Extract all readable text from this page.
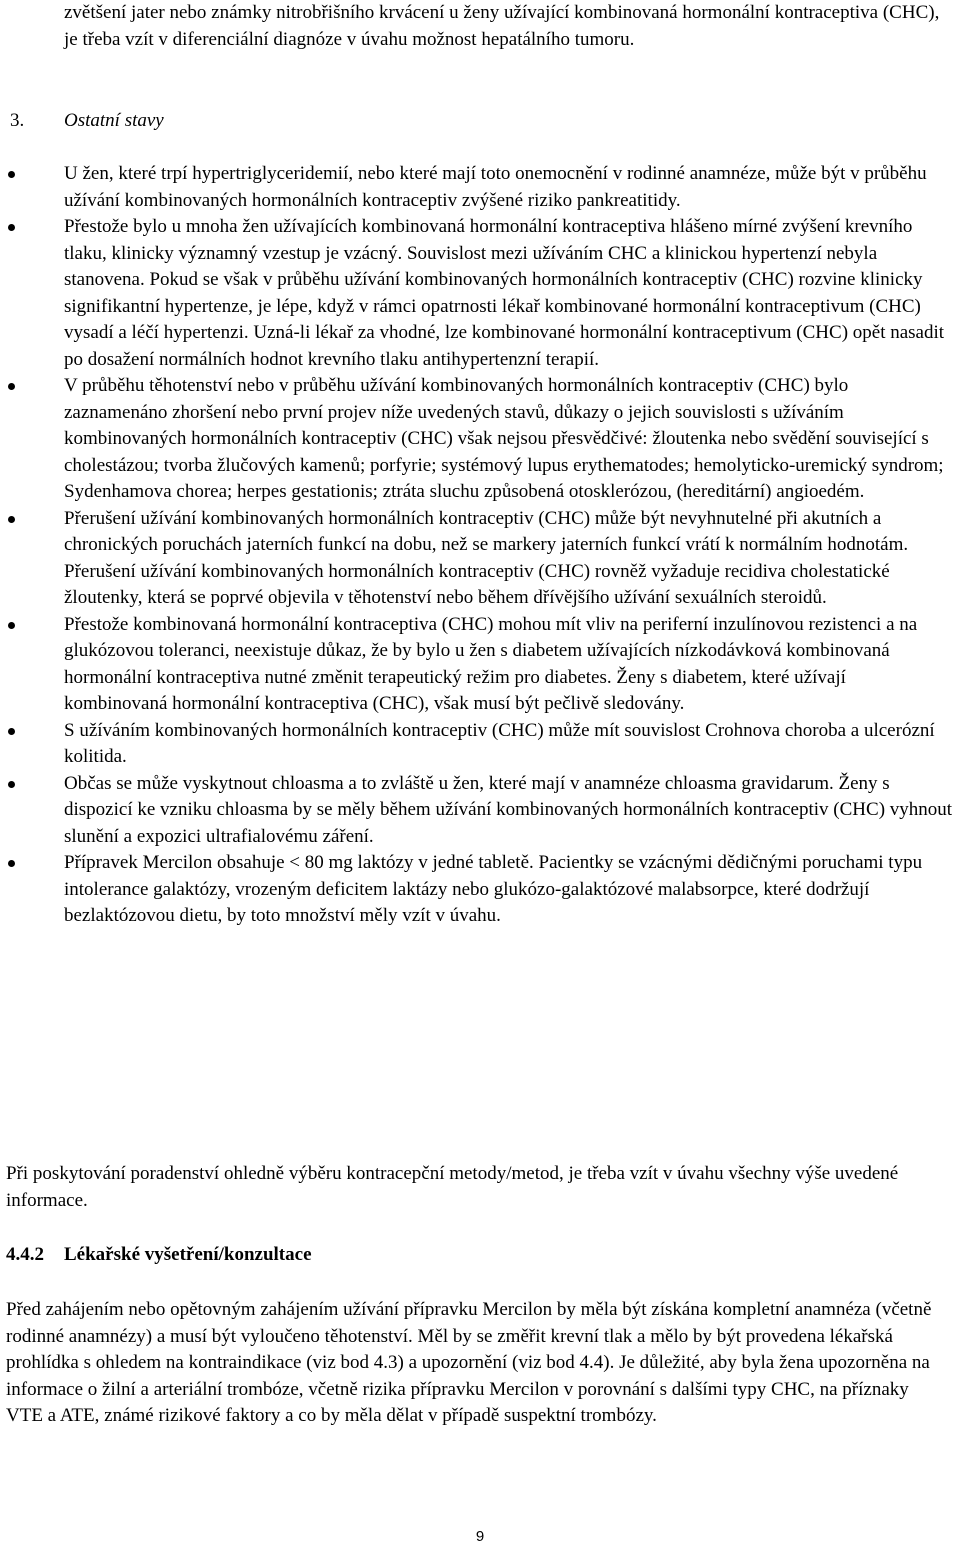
zvětšení jater nebo známky nitrobřišního krvácení u ženy užívající kombinovaná hormonální kontraceptiva (CHC), je třeba vzít v diferenciální diagnóze v úvahu možnost hepatálního tumoru.
3. Ostatní stavy
U žen, které trpí hypertriglyceridemií, nebo které mají toto onemocnění v rodinné anamnéze, může být v průběhu užívání kombinovaných hormonálních kontraceptiv zvýšené riziko pankreatitidy.
Přestože bylo u mnoha žen užívajících kombinovaná hormonální kontraceptiva hlášeno mírné zvýšení krevního tlaku, klinicky významný vzestup je vzácný. Souvislost mezi užíváním CHC a klinickou hypertenzí nebyla stanovena. Pokud se však v průběhu užívání kombinovaných hormonálních kontraceptiv (CHC) rozvine klinicky signifikantní hypertenze, je lépe, když v rámci opatrnosti lékař kombinované hormonální kontraceptivum (CHC) vysadí a léčí hypertenzi. Uzná-li lékař za vhodné, lze kombinované hormonální kontraceptivum (CHC) opět nasadit po dosažení normálních hodnot krevního tlaku antihypertenzní terapií.
V průběhu těhotenství nebo v průběhu užívání kombinovaných hormonálních kontraceptiv (CHC) bylo zaznamenáno zhoršení nebo první projev níže uvedených stavů, důkazy o jejich souvislosti s užíváním kombinovaných hormonálních kontraceptiv (CHC) však nejsou přesvědčivé: žloutenka nebo svědění související s cholestázou; tvorba žlučových kamenů; porfyrie; systémový lupus erythematodes; hemolyticko-uremický syndrom; Sydenhamova chorea; herpes gestationis; ztráta sluchu způsobená otosklerózou, (hereditární) angioedém.
Přerušení užívání kombinovaných hormonálních kontraceptiv (CHC) může být nevyhnutelné při akutních a chronických poruchách jaterních funkcí na dobu, než se markery jaterních funkcí vrátí k normálním hodnotám. Přerušení užívání kombinovaných hormonálních kontraceptiv (CHC) rovněž vyžaduje recidiva cholestatické žloutenky, která se poprvé objevila v těhotenství nebo během dřívějšího užívání sexuálních steroidů.
Přestože kombinovaná hormonální kontraceptiva (CHC) mohou mít vliv na periferní inzulínovou rezistenci a na glukózovou toleranci, neexistuje důkaz, že by bylo u žen s diabetem užívajících nízkodávková kombinovaná hormonální kontraceptiva nutné změnit terapeutický režim pro diabetes. Ženy s diabetem, které užívají kombinovaná hormonální kontraceptiva (CHC), však musí být pečlivě sledovány.
S užíváním kombinovaných hormonálních kontraceptiv (CHC) může mít souvislost Crohnova choroba a ulcerózní kolitida.
Občas se může vyskytnout chloasma a to zvláště u žen, které mají v anamnéze chloasma gravidarum. Ženy s dispozicí ke vzniku chloasma by se měly během užívání kombinovaných hormonálních kontraceptiv (CHC) vyhnout slunění a expozici ultrafialovému záření.
Přípravek Mercilon obsahuje < 80 mg laktózy v jedné tabletě. Pacientky se vzácnými dědičnými poruchami typu intolerance galaktózy, vrozeným deficitem laktázy nebo glukózo-galaktózové malabsorpce, které dodržují bezlaktózovou dietu, by toto množství měly vzít v úvahu.
Při poskytování poradenství ohledně výběru kontracepční metody/metod, je třeba vzít v úvahu všechny výše uvedené informace.
4.4.2 Lékařské vyšetření/konzultace
Před zahájením nebo opětovným zahájením užívání přípravku Mercilon by měla být získána kompletní anamnéza (včetně rodinné anamnézy) a musí být vyloučeno těhotenství. Měl by se změřit krevní tlak a mělo by být provedena lékařská prohlídka s ohledem na kontraindikace (viz bod 4.3) a upozornění (viz bod 4.4). Je důležité, aby byla žena upozorněna na informace o žilní a arteriální trombóze, včetně rizika přípravku Mercilon v porovnání s dalšími typy CHC, na příznaky VTE a ATE, známé rizikové faktory a co by měla dělat v případě suspektní trombózy.
9
